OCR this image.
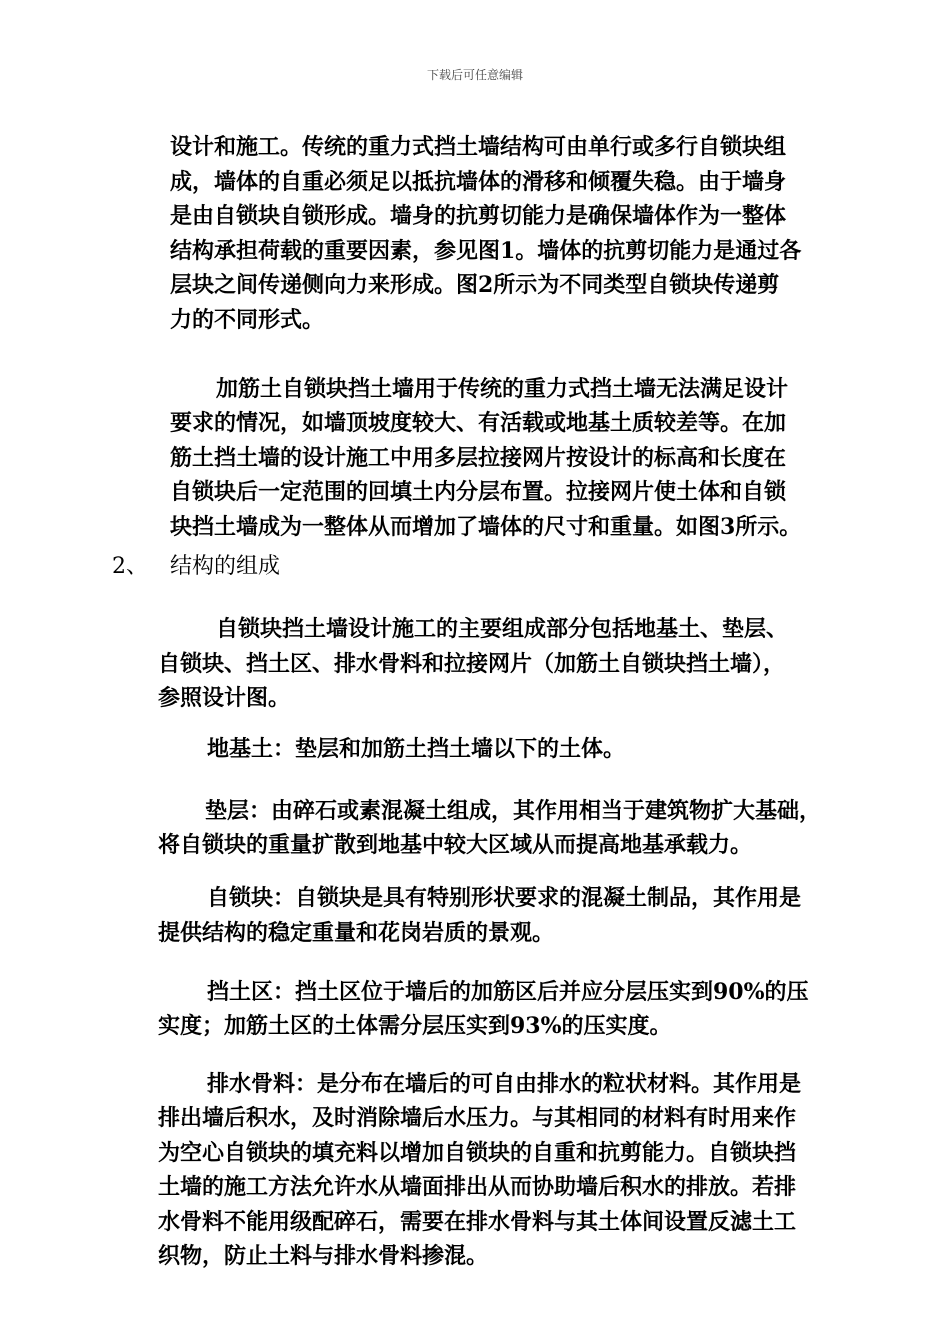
下载后可任意编辑
设计和施工。传统的重力式挡土墙结构可由单行或多行自锁块组
成，墙体的自重必须足以抵抗墙体的滑移和倾覆失稳。由于墙身
是由自锁块自锁形成。墙身的抗剪切能力是确保墙体作为一整体
结构承担荷载的重要因素，参见图1。墙体的抗剪切能力是通过各
层块之间传递侧向力来形成。图2所示为不同类型自锁块传递剪
力的不同形式。
加筋土自锁块挡土墙用于传统的重力式挡土墙无法满足设计
要求的情况，如墙顶坡度较大、有活载或地基土质较差等。在加
筋土挡土墙的设计施工中用多层拉接网片按设计的标高和长度在
自锁块后一定范围的回填土内分层布置。拉接网片使土体和自锁
块挡土墙成为一整体从而增加了墙体的尺寸和重量。如图3所示。
2、 结构的组成
自锁块挡土墙设计施工的主要组成部分包括地基土、垫层、
自锁块、挡土区、排水骨料和拉接网片（加筋土自锁块挡土墙），
参照设计图。
地基土：垫层和加筋土挡土墙以下的土体。
垫层：由碎石或素混凝土组成，其作用相当于建筑物扩大基础，
将自锁块的重量扩散到地基中较大区域从而提高地基承载力。
自锁块：自锁块是具有特别形状要求的混凝土制品，其作用是
提供结构的稳定重量和花岗岩质的景观。
挡土区：挡土区位于墙后的加筋区后并应分层压实到90%的压
实度；加筋土区的土体需分层压实到93%的压实度。
排水骨料：是分布在墙后的可自由排水的粒状材料。其作用是
排出墙后积水，及时消除墙后水压力。与其相同的材料有时用来作
为空心自锁块的填充料以增加自锁块的自重和抗剪能力。自锁块挡
土墙的施工方法允许水从墙面排出从而协助墙后积水的排放。若排
水骨料不能用级配碎石，需要在排水骨料与其土体间设置反滤土工
织物，防止土料与排水骨料掺混。
